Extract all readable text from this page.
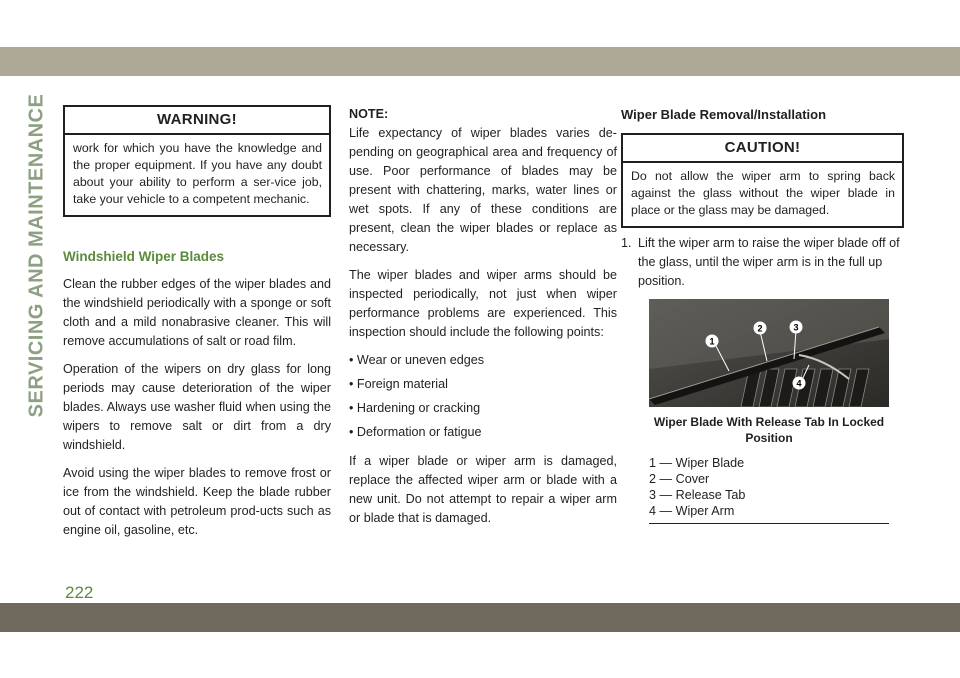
SERVICING AND MAINTENANCE	WARNING!
work for which you have the knowledge and the proper equipment. If you have any doubt about your ability to perform a ser-vice job, take your vehicle to a competent mechanic.
Windshield Wiper Blades

Clean the rubber edges of the wiper blades and the windshield periodically with a sponge or soft cloth and a mild nonabrasive cleaner. This will remove accumulations of salt or road film.

Operation of the wipers on dry glass for long periods may cause deterioration of the wiper blades. Always use washer fluid when using the wipers to remove salt or dirt from a dry windshield.

Avoid using the wiper blades to remove frost or ice from the windshield. Keep the blade rubber out of contact with petroleum prod-ucts such as engine oil, gasoline, etc.

NOTE:

Life expectancy of wiper blades varies de-pending on geographical area and frequency of use. Poor performance of blades may be present with chattering, marks, water lines or wet spots. If any of these conditions are present, clean the wiper blades or replace as necessary.

The wiper blades and wiper arms should be inspected periodically, not just when wiper performance problems are experienced. This inspection should include the following points:

• Wear or uneven edges
• Foreign material
• Hardening or cracking
• Deformation or fatigue

If a wiper blade or wiper arm is damaged, replace the affected wiper arm or blade with a new unit. Do not attempt to repair a wiper arm or blade that is damaged.

Wiper Blade Removal/Installation
CAUTION!
Do not allow the wiper arm to spring back against the glass without the wiper blade in place or the glass may be damaged.
1. Lift the wiper arm to raise the wiper blade off of the glass, until the wiper arm is in the full up position.
1
2	3
4
Wiper Blade With Release Tab In Locked Position
1 — Wiper Blade
2 — Cover
3 — Release Tab
4 — Wiper Arm
222
